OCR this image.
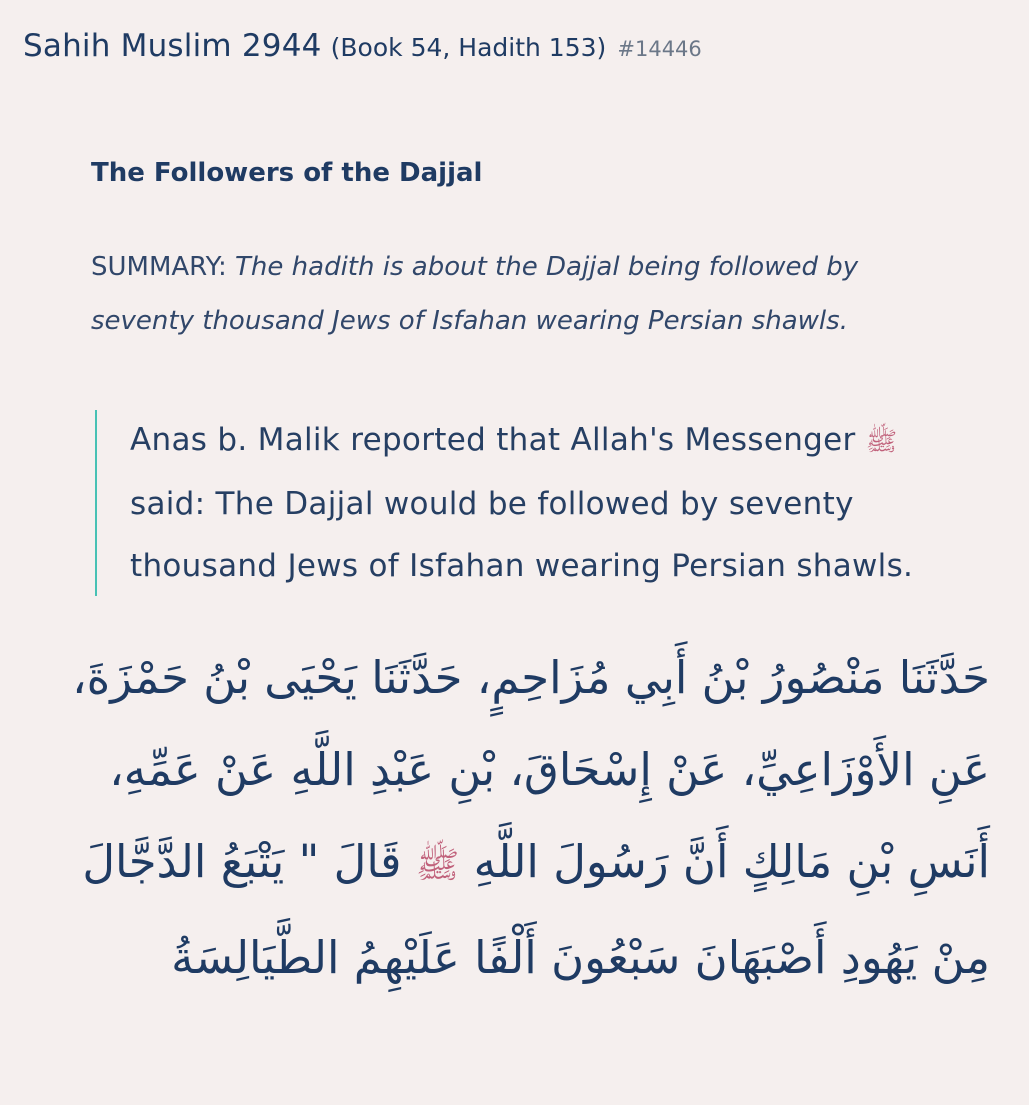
Sahih Muslim 2944 (Book 54, Hadith 153) #14446
The Followers of the Dajjal
SUMMARY: The hadith is about the Dajjal being followed by seventy thousand Jews of Isfahan wearing Persian shawls.
Anas b. Malik reported that Allah's Messenger ﷺ said: The Dajjal would be followed by seventy thousand Jews of Isfahan wearing Persian shawls.
حَدَّثَنَا مَنْصُورُ بْنُ أَبِي مُزَاحِمٍ، حَدَّثَنَا يَحْيَى بْنُ حَمْزَةَ،
عَنِ الأَوْزَاعِيِّ، عَنْ إِسْحَاقَ، بْنِ عَبْدِ اللَّهِ عَنْ عَمِّهِ،
أَنَسِ بْنِ مَالِكٍ أَنَّ رَسُولَ اللَّهِ ﷺ قَالَ " يَتْبَعُ الدَّجَّالَ
مِنْ يَهُودِ أَصْبَهَانَ سَبْعُونَ أَلْفًا عَلَيْهِمُ الطَّيَالِسَةُ
